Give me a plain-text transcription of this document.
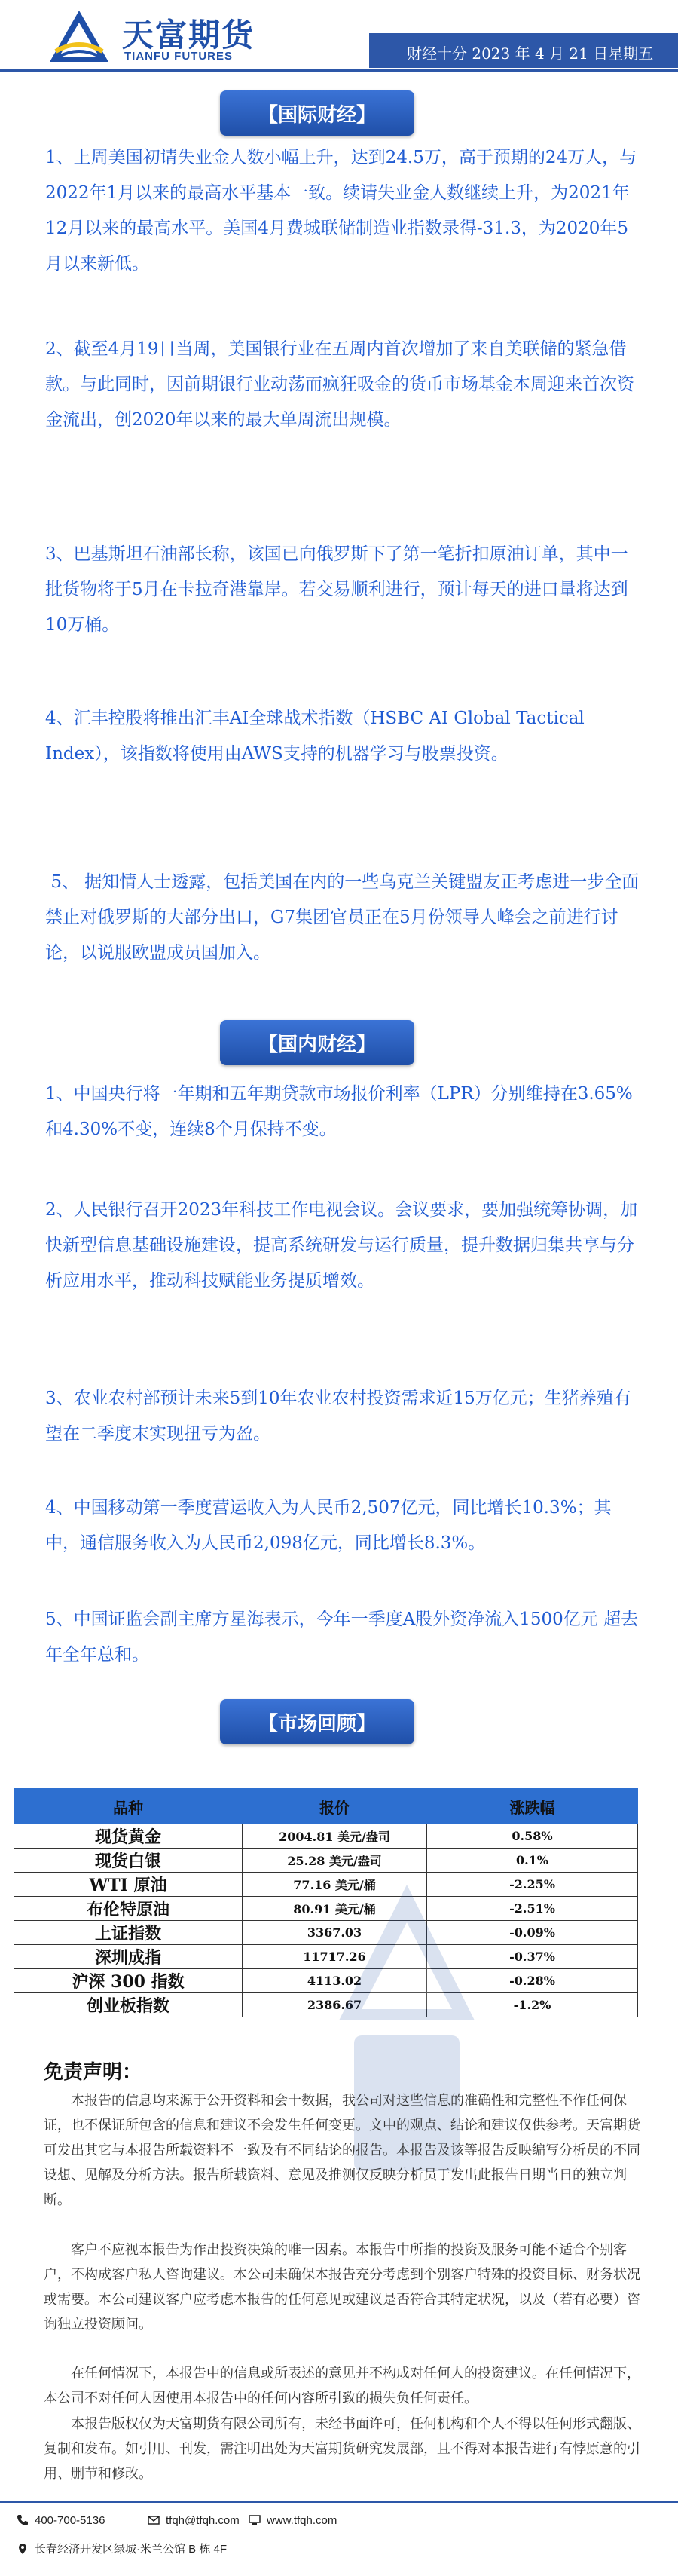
天富期货
TIANFU FUTURES	财经十分 2023 年 4 月 21 日星期五
【国际财经】
1、上周美国初请失业金人数小幅上升，达到24.5万，高于预期的24万人，与2022年1月以来的最高水平基本一致。续请失业金人数继续上升，为2021年12月以来的最高水平。美国4月费城联储制造业指数录得-31.3，为2020年5月以来新低。
2、截至4月19日当周，美国银行业在五周内首次增加了来自美联储的紧急借款。与此同时，因前期银行业动荡而疯狂吸金的货币市场基金本周迎来首次资金流出，创2020年以来的最大单周流出规模。
3、巴基斯坦石油部长称，该国已向俄罗斯下了第一笔折扣原油订单，其中一批货物将于5月在卡拉奇港靠岸。若交易顺利进行，预计每天的进口量将达到10万桶。
4、汇丰控股将推出汇丰AI全球战术指数（HSBC AI Global Tactical Index），该指数将使用由AWS支持的机器学习与股票投资。
5、 据知情人士透露，包括美国在内的一些乌克兰关键盟友正考虑进一步全面禁止对俄罗斯的大部分出口，G7集团官员正在5月份领导人峰会之前进行讨论，以说服欧盟成员国加入。
【国内财经】
1、中国央行将一年期和五年期贷款市场报价利率（LPR）分别维持在3.65%和4.30%不变，连续8个月保持不变。
2、人民银行召开2023年科技工作电视会议。会议要求，要加强统筹协调，加快新型信息基础设施建设，提高系统研发与运行质量，提升数据归集共享与分析应用水平，推动科技赋能业务提质增效。
3、农业农村部预计未来5到10年农业农村投资需求近15万亿元；生猪养殖有望在二季度末实现扭亏为盈。
4、中国移动第一季度营运收入为人民币2,507亿元，同比增长10.3%；其中，通信服务收入为人民币2,098亿元，同比增长8.3%。
5、中国证监会副主席方星海表示，今年一季度A股外资净流入1500亿元 超去年全年总和。
【市场回顾】
品种	报价	涨跌幅
现货黄金	2004.81 美元/盎司	0.58%
现货白银	25.28 美元/盎司	0.1%
WTI 原油	77.16 美元/桶	-2.25%
布伦特原油	80.91 美元/桶	-2.51%
上证指数	3367.03	-0.09%
深圳成指	11717.26	-0.37%
沪深 300 指数	4113.02	-0.28%
创业板指数	2386.67	-1.2%
免责声明：
本报告的信息均来源于公开资料和会十数据，我公司对这些信息的准确性和完整性不作任何保证，也不保证所包含的信息和建议不会发生任何变更。文中的观点、结论和建议仅供参考。天富期货可发出其它与本报告所载资料不一致及有不同结论的报告。本报告及该等报告反映编写分析员的不同设想、见解及分析方法。报告所载资料、意见及推测仅反映分析员于发出此报告日期当日的独立判断。
客户不应视本报告为作出投资决策的唯一因素。本报告中所指的投资及服务可能不适合个别客户，不构成客户私人咨询建议。本公司未确保本报告充分考虑到个别客户特殊的投资目标、财务状况或需要。本公司建议客户应考虑本报告的任何意见或建议是否符合其特定状况，以及（若有必要）咨询独立投资顾问。
在任何情况下，本报告中的信息或所表述的意见并不构成对任何人的投资建议。在任何情况下，本公司不对任何人因使用本报告中的任何内容所引致的损失负任何责任。
本报告版权仅为天富期货有限公司所有，未经书面许可，任何机构和个人不得以任何形式翻版、复制和发布。如引用、刊发，需注明出处为天富期货研究发展部，且不得对本报告进行有悖原意的引用、删节和修改。
400-700-5136	tfqh@tfqh.com	www.tfqh.com
长春经济开发区绿城·米兰公馆 B 栋 4F
